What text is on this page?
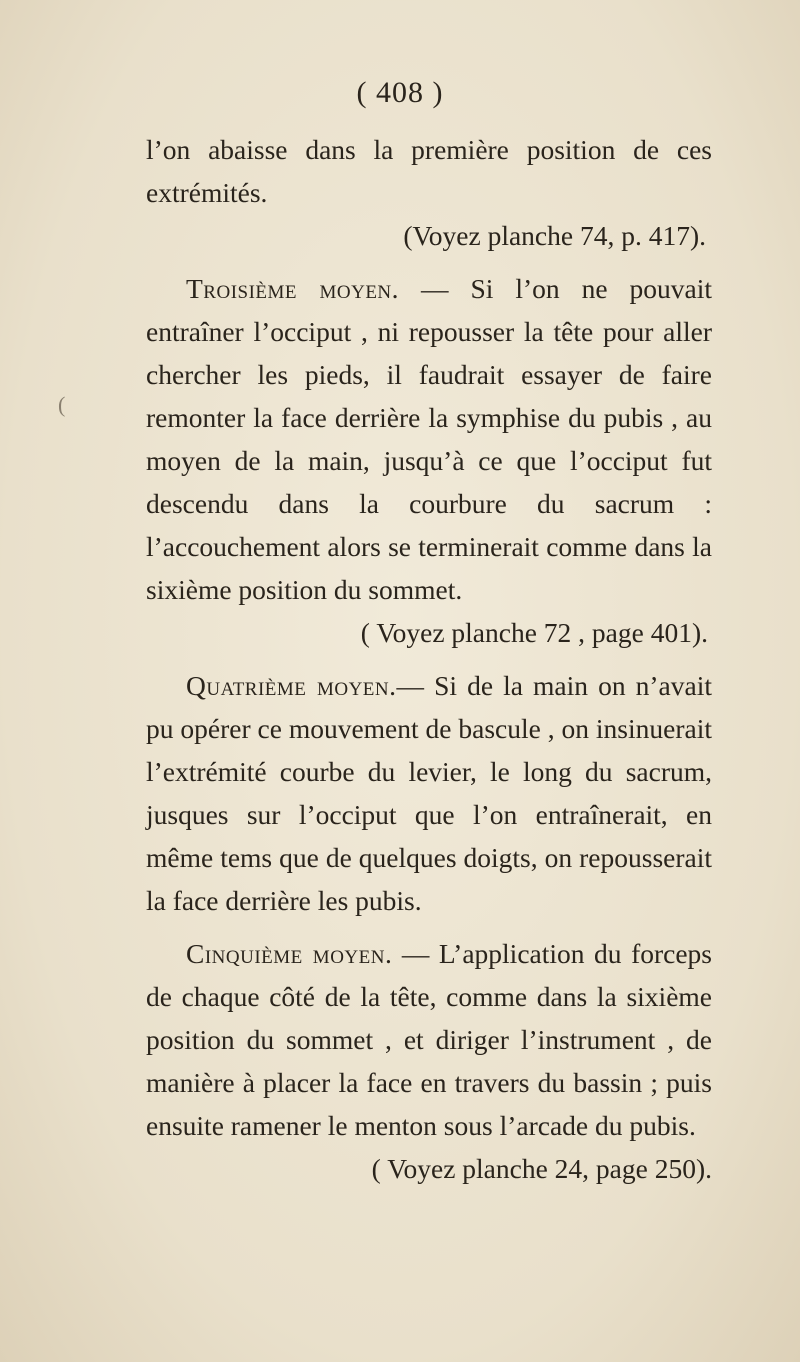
( 408 )
(

l’on abaisse dans la première position de ces extrémités.

(Voyez planche 74, p. 417).

Troisième moyen. — Si l’on ne pouvait entraîner l’occiput , ni repousser la tête pour aller chercher les pieds, il faudrait essayer de faire remonter la face derrière la symphise du pubis , au moyen de la main, jusqu’à ce que l’occiput fut descendu dans la courbure du sacrum : l’accouchement alors se terminerait comme dans la sixième position du sommet.

( Voyez planche 72 , page 401).

Quatrième moyen.— Si de la main on n’avait pu opérer ce mouvement de bascule , on insinuerait l’extrémité courbe du levier, le long du sacrum, jusques sur l’occiput que l’on entraînerait, en même tems que de quelques doigts, on repousserait la face derrière les pubis.

Cinquième moyen. — L’application du forceps de chaque côté de la tête, comme dans la sixième position du sommet , et diriger l’instrument , de manière à placer la face en travers du bassin ; puis ensuite ramener le menton sous l’arcade du pubis.

( Voyez planche 24, page 250).
